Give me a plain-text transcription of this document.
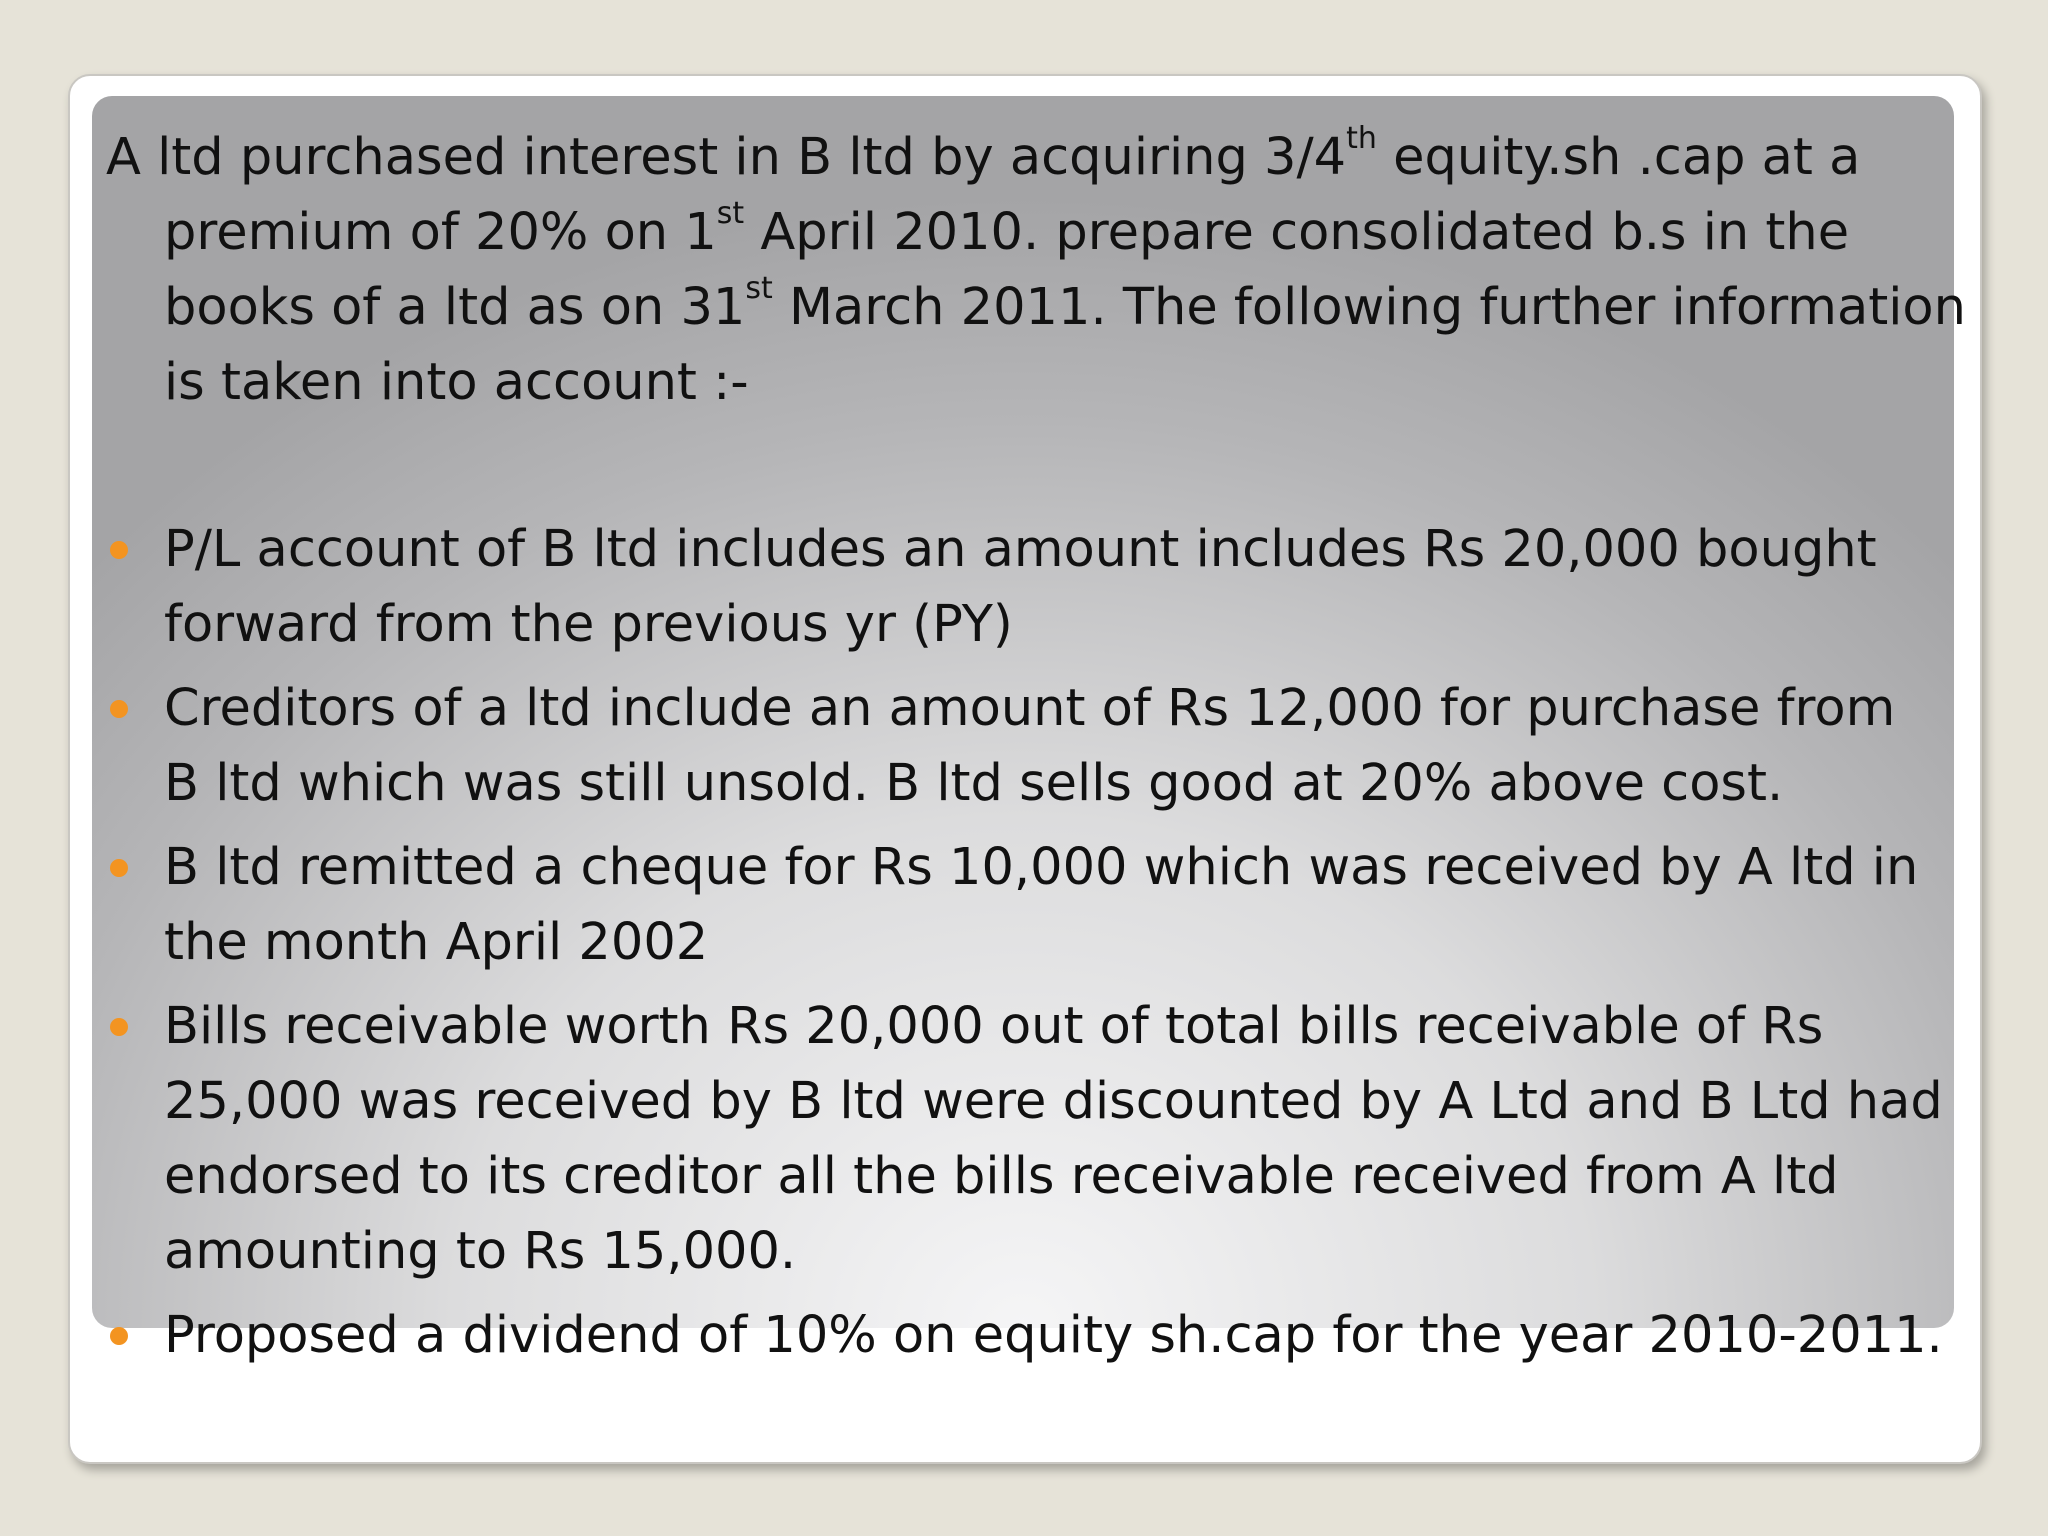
A ltd purchased interest in B ltd by acquiring 3/4th equity.sh .cap at a premium of 20% on 1st April 2010. prepare consolidated b.s in the books of a ltd as on 31st March 2011. The following further information is taken into account :-

P/L account of B ltd includes an amount includes Rs 20,000 bought forward from the previous yr (PY)
Creditors of a ltd include an amount of Rs 12,000 for purchase from B ltd which was still unsold. B ltd sells good at 20% above cost.
B ltd remitted a cheque for Rs 10,000 which was received by A ltd in the month April 2002
Bills receivable worth Rs 20,000 out of total bills receivable of Rs 25,000 was received by B ltd were discounted by A Ltd and B Ltd had endorsed to its creditor all the bills receivable received from A ltd amounting to Rs 15,000.
Proposed a dividend of 10% on equity sh.cap for the year 2010-2011.
